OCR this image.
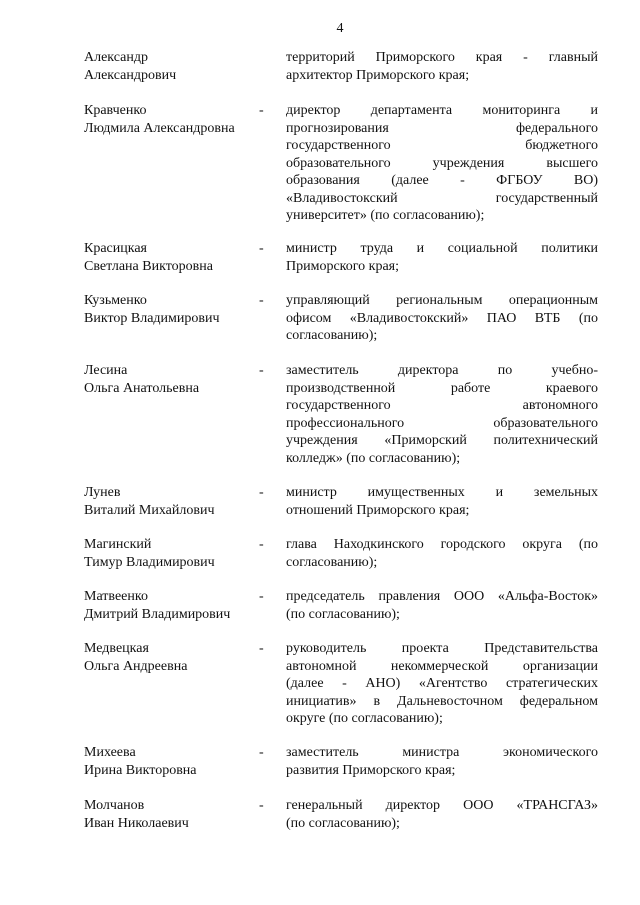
4
Александр
Александрович
территорий Приморского края - главный
архитектор Приморского края;
Кравченко
Людмила Александровна
- директор департамента мониторинга и
прогнозирования федерального
государственного бюджетного
образовательного учреждения высшего
образования (далее - ФГБОУ ВО)
«Владивостокский государственный
университет» (по согласованию);
Красицкая
Светлана Викторовна
- министр труда и социальной политики
Приморского края;
Кузьменко
Виктор Владимирович
- управляющий региональным операционным
офисом «Владивостокский» ПАО ВТБ (по
согласованию);
Лесина
Ольга Анатольевна
- заместитель директора по учебно-
производственной работе краевого
государственного автономного
профессионального образовательного
учреждения «Приморский политехнический
колледж» (по согласованию);
Лунев
Виталий Михайлович
- министр имущественных и земельных
отношений Приморского края;
Магинский
Тимур Владимирович
- глава Находкинского городского округа (по
согласованию);
Матвеенко
Дмитрий Владимирович
- председатель правления ООО «Альфа-Восток»
(по согласованию);
Медвецкая
Ольга Андреевна
- руководитель проекта Представительства
автономной некоммерческой организации
(далее - АНО) «Агентство стратегических
инициатив» в Дальневосточном федеральном
округе (по согласованию);
Михеева
Ирина Викторовна
- заместитель министра экономического
развития Приморского края;
Молчанов
Иван Николаевич
- генеральный директор ООО «ТРАНСГАЗ»
(по согласованию);
